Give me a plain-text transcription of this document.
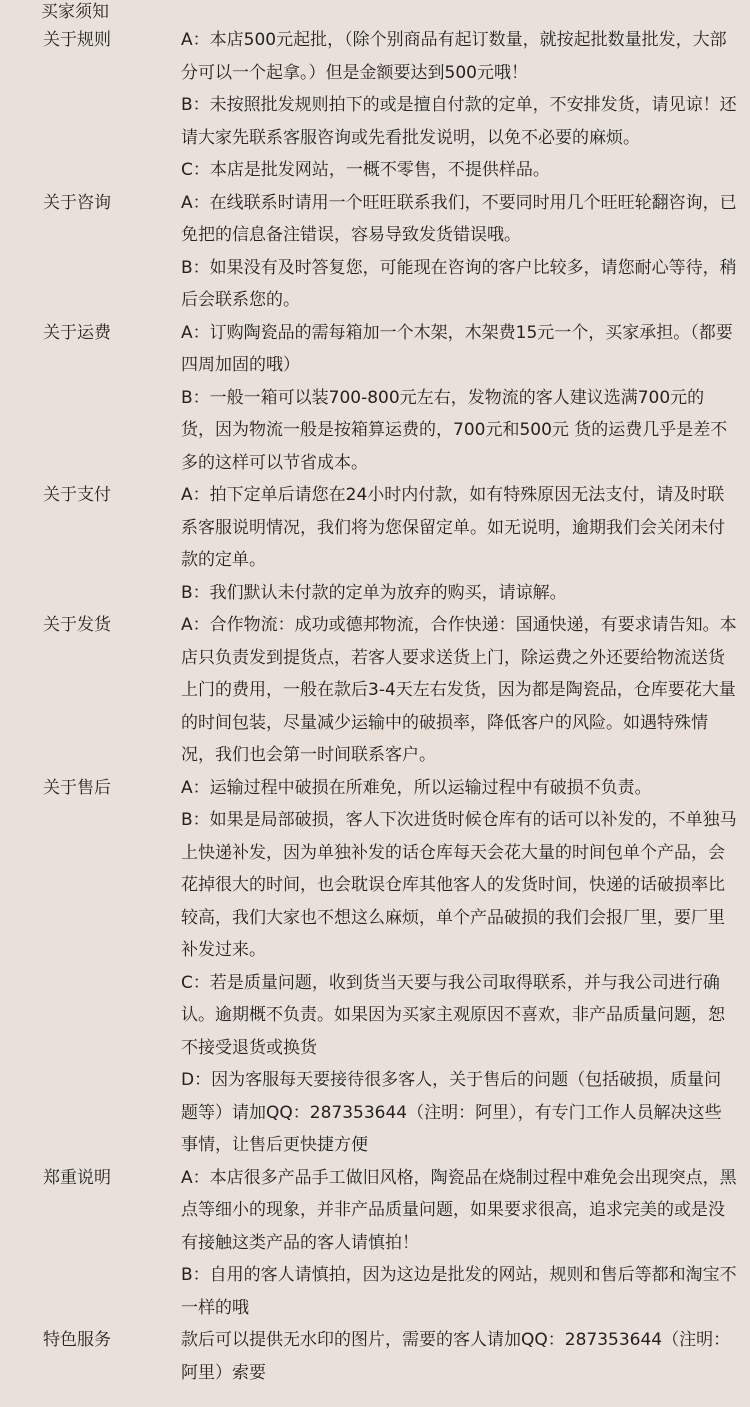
买家须知
关于规则	A：本店500元起批，（除个别商品有起订数量，就按起批数量批发，大部分可以一个起拿。）但是金额要达到500元哦！

B：未按照批发规则拍下的或是擅自付款的定单，不安排发货，请见谅！还请大家先联系客服咨询或先看批发说明，以免不必要的麻烦。

C：本店是批发网站，一概不零售，不提供样品。

关于咨询	A：在线联系时请用一个旺旺联系我们，不要同时用几个旺旺轮翻咨询，已免把的信息备注错误，容易导致发货错误哦。

B：如果没有及时答复您，可能现在咨询的客户比较多，请您耐心等待，稍后会联系您的。

关于运费	A：订购陶瓷品的需每箱加一个木架，木架费15元一个，买家承担。（都要四周加固的哦）

B：一般一箱可以装700-800元左右，发物流的客人建议选满700元的货，因为物流一般是按箱算运费的，700元和500元 货的运费几乎是差不多的这样可以节省成本。

关于支付	A：拍下定单后请您在24小时内付款，如有特殊原因无法支付，请及时联系客服说明情况，我们将为您保留定单。如无说明，逾期我们会关闭未付款的定单。

B：我们默认未付款的定单为放弃的购买，请谅解。

关于发货	A：合作物流：成功或德邦物流，合作快递：国通快递，有要求请告知。本店只负责发到提货点，若客人要求送货上门，除运费之外还要给物流送货上门的费用，一般在款后3-4天左右发货，因为都是陶瓷品，仓库要花大量的时间包装，尽量减少运输中的破损率，降低客户的风险。如遇特殊情况，我们也会第一时间联系客户。

关于售后	A：运输过程中破损在所难免，所以运输过程中有破损不负责。

B：如果是局部破损，客人下次进货时候仓库有的话可以补发的，不单独马上快递补发，因为单独补发的话仓库每天会花大量的时间包单个产品，会花掉很大的时间，也会耽误仓库其他客人的发货时间，快递的话破损率比较高，我们大家也不想这么麻烦，单个产品破损的我们会报厂里，要厂里补发过来。

C：若是质量问题，收到货当天要与我公司取得联系，并与我公司进行确认。逾期概不负责。如果因为买家主观原因不喜欢，非产品质量问题，恕不接受退货或换货

D：因为客服每天要接待很多客人，关于售后的问题（包括破损，质量问题等）请加QQ：287353644（注明：阿里），有专门工作人员解决这些事情，让售后更快捷方便

郑重说明	A：本店很多产品手工做旧风格，陶瓷品在烧制过程中难免会出现突点，黑点等细小的现象，并非产品质量问题，如果要求很高，追求完美的或是没有接触这类产品的客人请慎拍！

B：自用的客人请慎拍，因为这边是批发的网站，规则和售后等都和淘宝不一样的哦

特色服务	款后可以提供无水印的图片，需要的客人请加QQ：287353644（注明：阿里）索要
